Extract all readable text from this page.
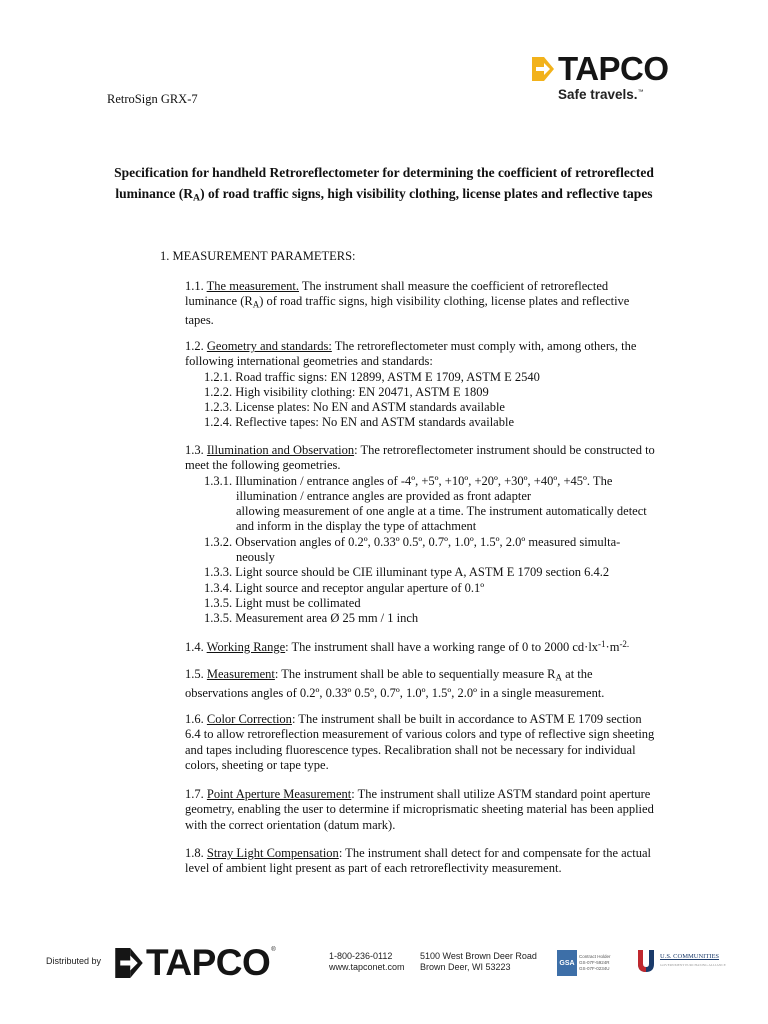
RetroSign GRX-7
TAPCO
Safe travels.™
Specification for handheld Retroreflectometer for determining the coefficient of retroreflected luminance $(R_A)$ of road traffic signs, high visibility clothing, license plates and reflective tapes
1. MEASUREMENT PARAMETERS:
1.1. The measurement. The instrument shall measure the coefficient of retroreflected luminance $(R_A)$ of road traffic signs, high visibility clothing, license plates and reflective tapes.
1.2. Geometry and standards: The retroreflectometer must comply with, among others, the following international geometries and standards:
1.2.1. Road traffic signs: EN 12899, ASTM E 1709, ASTM E 2540
1.2.2. High visibility clothing: EN 20471, ASTM E 1809
1.2.3. License plates: No EN and ASTM standards available
1.2.4. Reflective tapes: No EN and ASTM standards available
1.3. Illumination and Observation: The retroreflectometer instrument should be constructed to meet the following geometries.
1.3.1. Illumination / entrance angles of -4º, +5º, +10º, +20º, +30º, +40º, +45º. The
illumination / entrance angles are provided as front adapter
allowing measurement of one angle at a time. The instrument automatically detect
and inform in the display the type of attachment
1.3.2. Observation angles of 0.2º, 0.33º 0.5º, 0.7º, 1.0º, 1.5º, 2.0º measured simulta-
neously
1.3.3. Light source should be CIE illuminant type A, ASTM E 1709 section 6.4.2
1.3.4. Light source and receptor angular aperture of 0.1º
1.3.5. Light must be collimated
1.3.5. Measurement area Ø 25 mm / 1 inch
1.4. Working Range: The instrument shall have a working range of 0 to 2000 $cd\cdot lx^{-1}\cdot m^{-2.}$
1.5. Measurement: The instrument shall be able to sequentially measure $R_A$ at the observations angles of 0.2º, 0.33º 0.5º, 0.7º, 1.0º, 1.5º, 2.0º in a single measurement.
1.6. Color Correction: The instrument shall be built in accordance to ASTM E 1709 section 6.4 to allow retroreflection measurement of various colors and type of reflective sign sheeting and tapes including fluorescence types. Recalibration shall not be necessary for individual colors, sheeting or tape type.
1.7. Point Aperture Measurement: The instrument shall utilize ASTM standard point aperture geometry, enabling the user to determine if microprismatic sheeting material has been applied with the correct orientation (datum mark).
1.8. Stray Light Compensation: The instrument shall detect for and compensate for the actual level of ambient light present as part of each retroreflectivity measurement.
Distributed by TAPCO ®
1-800-236-0112
www.tapconet.com
5100 West Brown Deer Road
Brown Deer, WI 53223	GSA
Contract Holder
GS-07F-5924R
GS-07F-0234U
U.S. COMMUNITIES
GOVERNMENT PURCHASING ALLIANCE
